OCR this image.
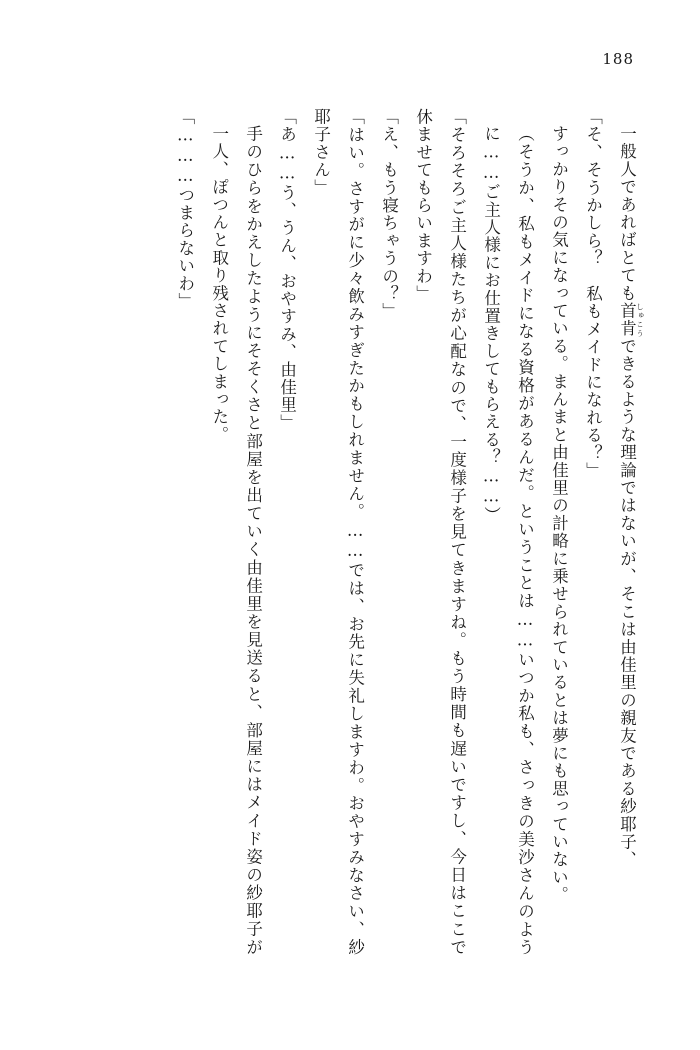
188

一般人であればとても首肯 しゅこうできるような理論ではないが、そこは由佳里の親友である紗耶子、

「そ、そうかしら？　私もメイドになれる？」

すっかりその気になっている。まんまと由佳里の計略に乗せられているとは夢にも思っていない。

（そうか、私もメイドになる資格があるんだ。ということは……いつか私も、さっきの美沙さんのように……ご主人様にお仕置きしてもらえる？……）

「そろそろご主人様たちが心配なので、一度様子を見てきますね。もう時間も遅いですし、今日はここで休ませてもらいますわ」

「え、もう寝ちゃうの？」

「はい。さすがに少々飲みすぎたかもしれません。……では、お先に失礼しますわ。おやすみなさい、紗耶子さん」

「あ……う、うん、おやすみ、由佳里」

手のひらをかえしたようにそそくさと部屋を出ていく由佳里を見送ると、部屋にはメイド姿の紗耶子が一人、ぽつんと取り残されてしまった。

「………つまらないわ」
